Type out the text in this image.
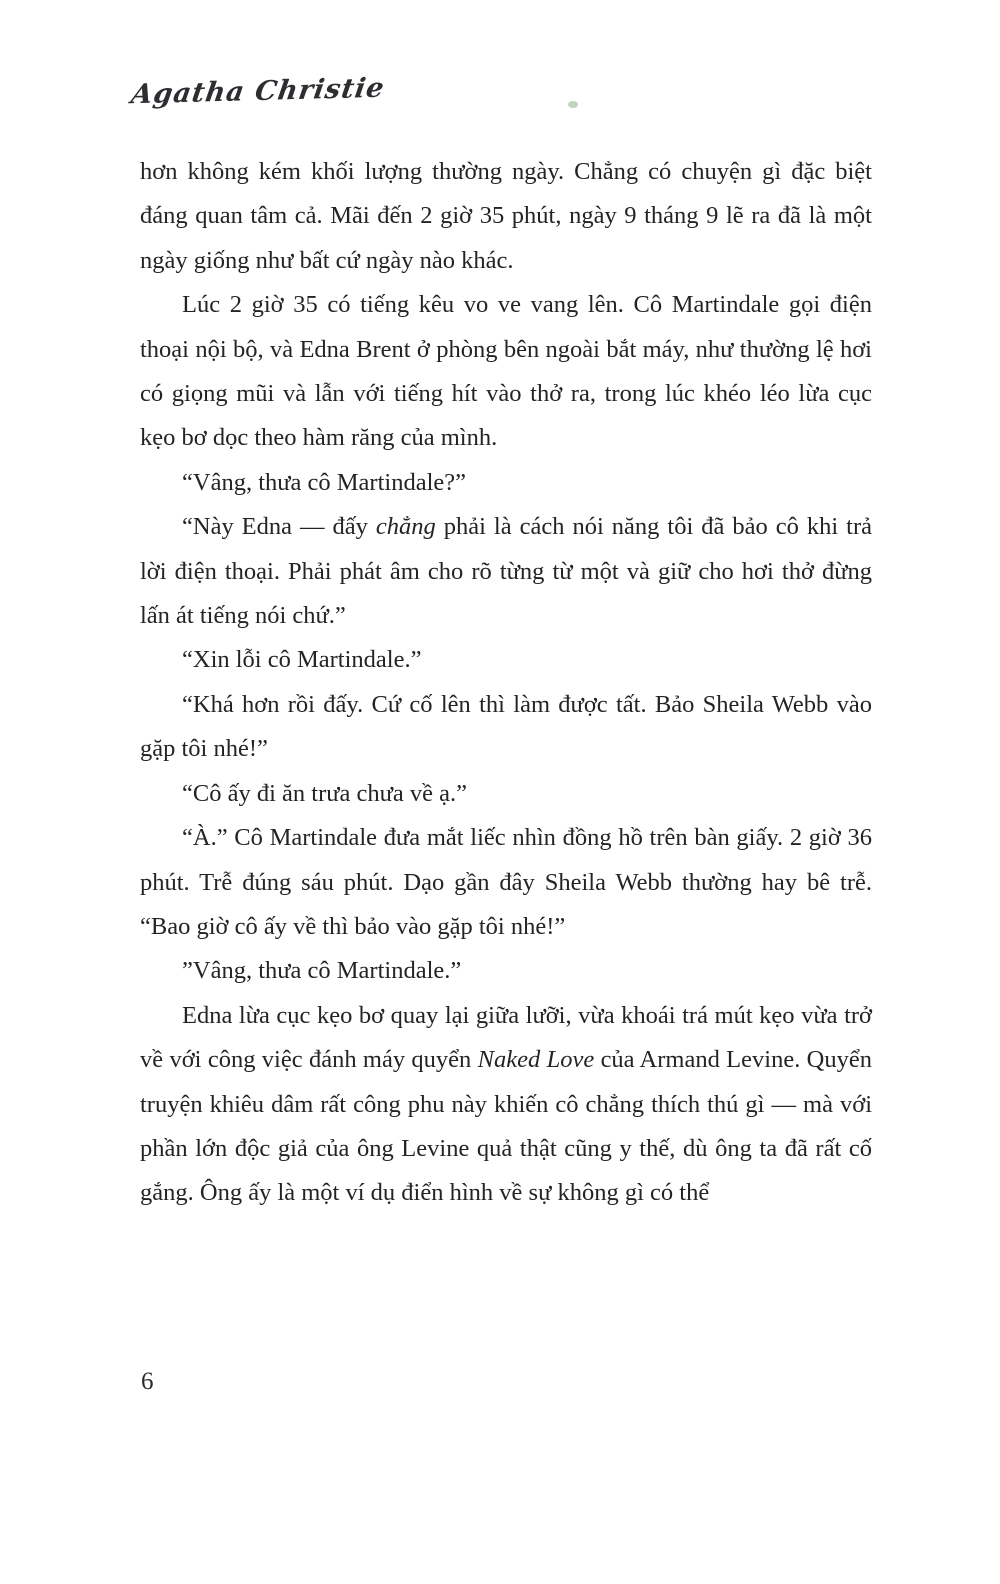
Agatha Christie

hơn không kém khối lượng thường ngày. Chẳng có chuyện gì đặc biệt đáng quan tâm cả. Mãi đến 2 giờ 35 phút, ngày 9 tháng 9 lẽ ra đã là một ngày giống như bất cứ ngày nào khác.

Lúc 2 giờ 35 có tiếng kêu vo ve vang lên. Cô Martindale gọi điện thoại nội bộ, và Edna Brent ở phòng bên ngoài bắt máy, như thường lệ hơi có giọng mũi và lẫn với tiếng hít vào thở ra, trong lúc khéo léo lừa cục kẹo bơ dọc theo hàm răng của mình.

“Vâng, thưa cô Martindale?”

“Này Edna — đấy chẳng phải là cách nói năng tôi đã bảo cô khi trả lời điện thoại. Phải phát âm cho rõ từng từ một và giữ cho hơi thở đừng lấn át tiếng nói chứ.”

“Xin lỗi cô Martindale.”

“Khá hơn rồi đấy. Cứ cố lên thì làm được tất. Bảo Sheila Webb vào gặp tôi nhé!”

“Cô ấy đi ăn trưa chưa về ạ.”

“À.” Cô Martindale đưa mắt liếc nhìn đồng hồ trên bàn giấy. 2 giờ 36 phút. Trễ đúng sáu phút. Dạo gần đây Sheila Webb thường hay bê trễ. “Bao giờ cô ấy về thì bảo vào gặp tôi nhé!”

”Vâng, thưa cô Martindale.”

Edna lừa cục kẹo bơ quay lại giữa lưỡi, vừa khoái trá mút kẹo vừa trở về với công việc đánh máy quyển Naked Love của Armand Levine. Quyển truyện khiêu dâm rất công phu này khiến cô chẳng thích thú gì — mà với phần lớn độc giả của ông Levine quả thật cũng y thế, dù ông ta đã rất cố gắng. Ông ấy là một ví dụ điển hình về sự không gì có thể

6
